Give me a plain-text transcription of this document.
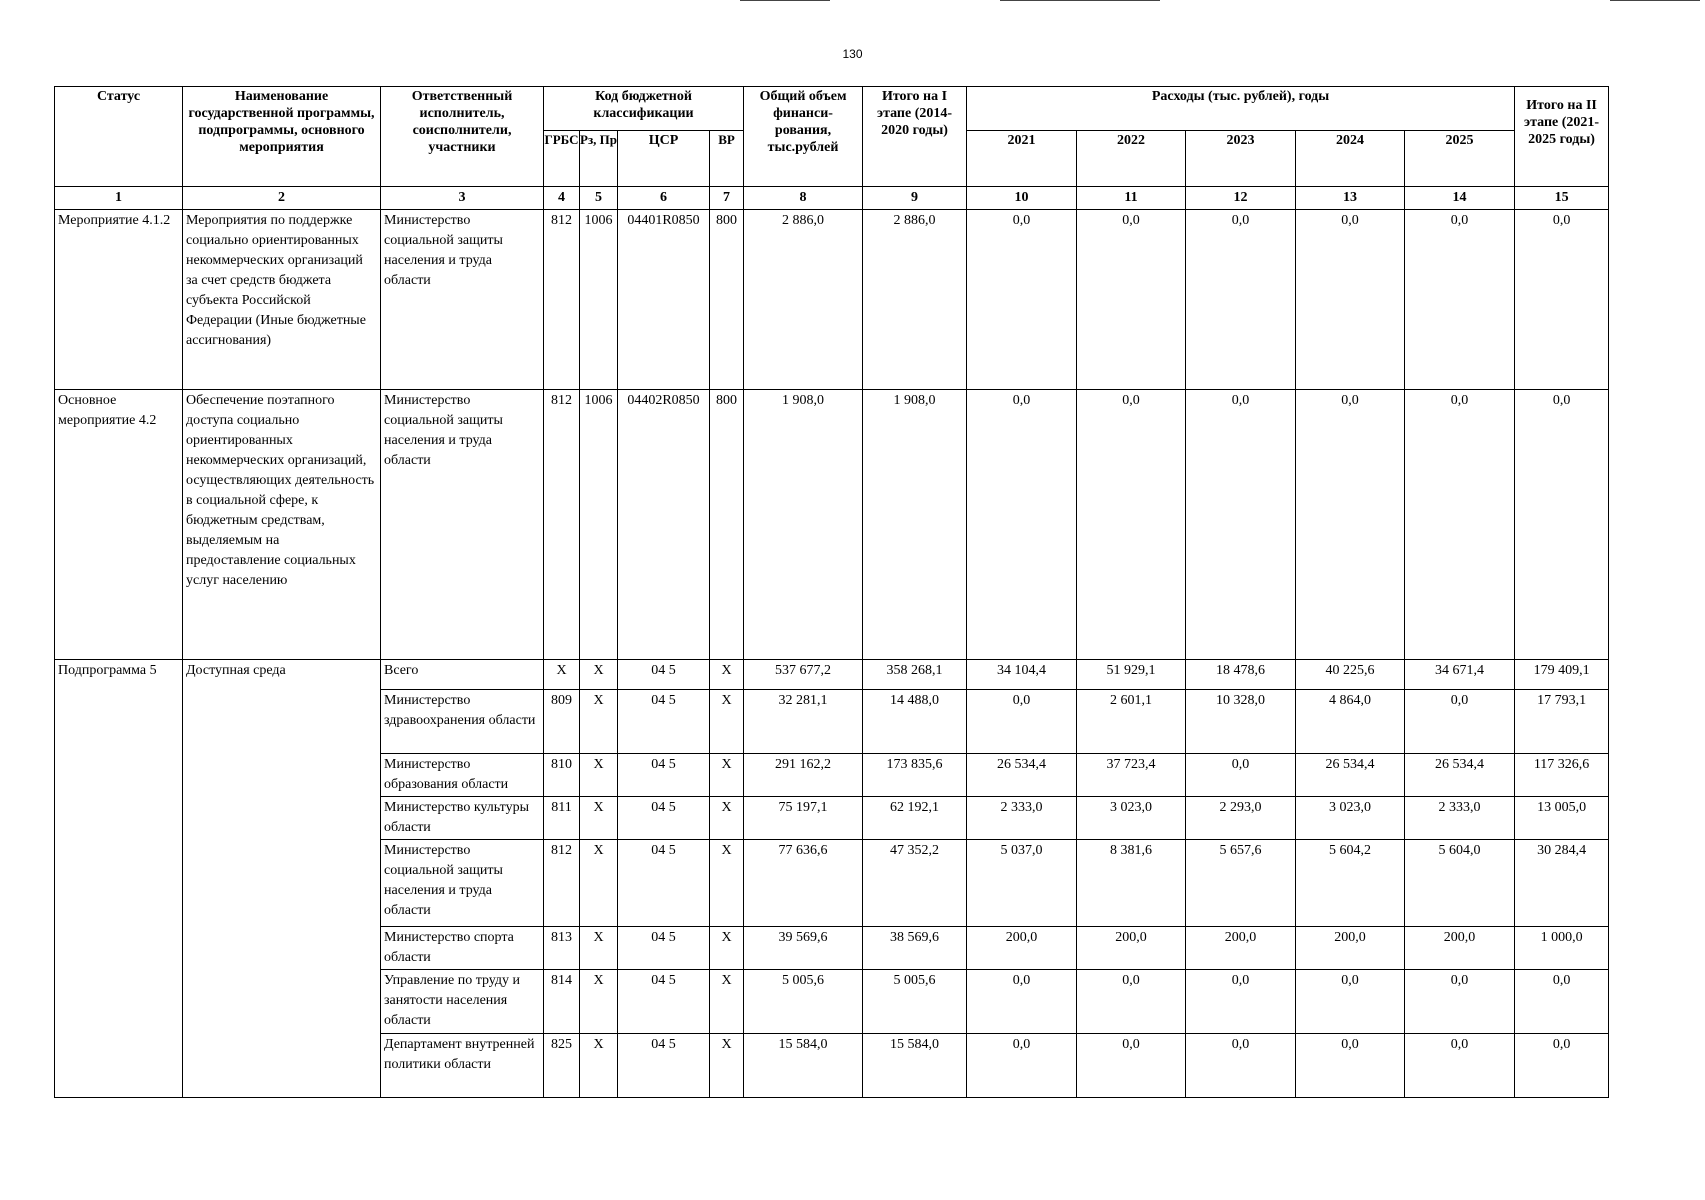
130
Статус	Наименование государственной программы, подпрограммы, основного мероприятия	Ответственный исполнитель, соисполнители, участники	Код бюджетной классификации				Общий объем финанси-рования, тыс.рублей	Итого на I этапе (2014-2020 годы)	Расходы (тыс. рублей), годы					Итого на II этапе (2021-2025 годы)
			ГРБС	Рз, Пр	ЦСР	ВР			2021	2022	2023	2024	2025	
1	2	3	4	5	6	7	8	9	10	11	12	13	14	15
Мероприятие 4.1.2	Мероприятия по поддержке социально ориентированных некоммерческих организаций за счет средств бюджета субъекта Российской Федерации (Иные бюджетные ассигнования)	Министерство социальной защиты населения и труда области	812	1006	04401R0850	800	2 886,0	2 886,0	0,0	0,0	0,0	0,0	0,0	0,0
Основное мероприятие 4.2	Обеспечение поэтапного доступа социально ориентированных некоммерческих организаций, осуществляющих деятельность в социальной сфере, к бюджетным средствам, выделяемым на предоставление социальных услуг населению	Министерство социальной защиты населения и труда области	812	1006	04402R0850	800	1 908,0	1 908,0	0,0	0,0	0,0	0,0	0,0	0,0
Подпрограмма 5	Доступная среда	Всего	Х	Х	04 5	Х	537 677,2	358 268,1	34 104,4	51 929,1	18 478,6	40 225,6	34 671,4	179 409,1
		Министерство здравоохранения области	809	Х	04 5	Х	32 281,1	14 488,0	0,0	2 601,1	10 328,0	4 864,0	0,0	17 793,1
		Министерство образования области	810	Х	04 5	Х	291 162,2	173 835,6	26 534,4	37 723,4	0,0	26 534,4	26 534,4	117 326,6
		Министерство культуры области	811	Х	04 5	Х	75 197,1	62 192,1	2 333,0	3 023,0	2 293,0	3 023,0	2 333,0	13 005,0
		Министерство социальной защиты населения и труда области	812	Х	04 5	Х	77 636,6	47 352,2	5 037,0	8 381,6	5 657,6	5 604,2	5 604,0	30 284,4
		Министерство спорта области	813	Х	04 5	Х	39 569,6	38 569,6	200,0	200,0	200,0	200,0	200,0	1 000,0
		Управление по труду и занятости населения области	814	Х	04 5	Х	5 005,6	5 005,6	0,0	0,0	0,0	0,0	0,0	0,0
		Департамент внутренней политики области	825	Х	04 5	Х	15 584,0	15 584,0	0,0	0,0	0,0	0,0	0,0	0,0
